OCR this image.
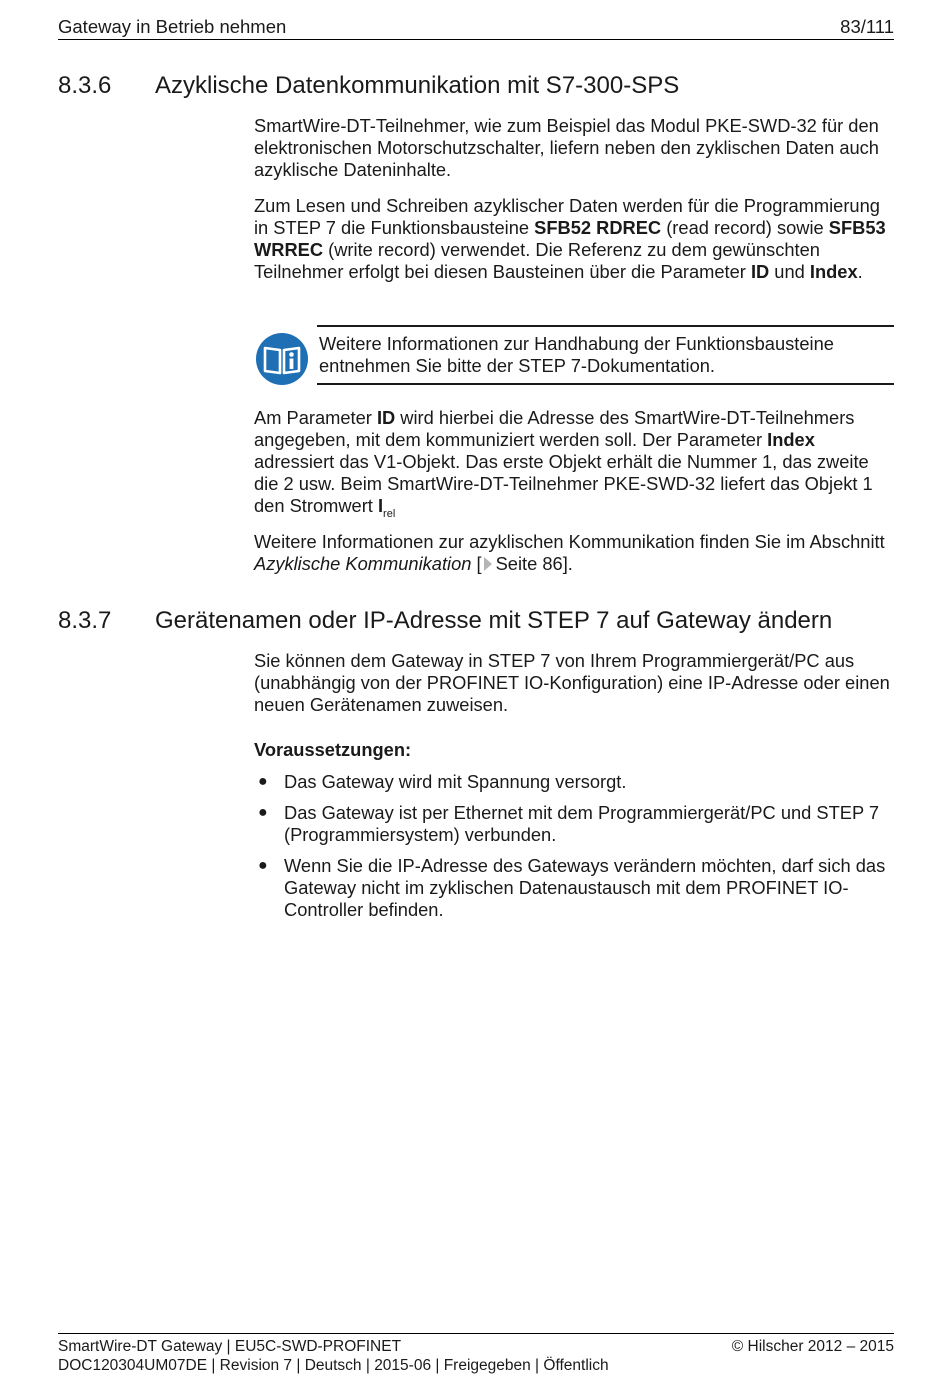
Gateway in Betrieb nehmen	83/111
8.3.6 Azyklische Datenkommunikation mit S7-300-SPS

SmartWire-DT-Teilnehmer, wie zum Beispiel das Modul PKE-SWD-32 für den elektronischen Motorschutzschalter, liefern neben den zyklischen Daten auch azyklische Dateninhalte.

Zum Lesen und Schreiben azyklischer Daten werden für die Programmierung in STEP 7 die Funktionsbausteine SFB52 RDREC (read record) sowie SFB53 WRREC (write record) verwendet. Die Referenz zu dem gewünschten Teilnehmer erfolgt bei diesen Bausteinen über die Parameter ID und Index.

Weitere Informationen zur Handhabung der Funktionsbausteine entnehmen Sie bitte der STEP 7-Dokumentation.

Am Parameter ID wird hierbei die Adresse des SmartWire-DT-Teilnehmers angegeben, mit dem kommuniziert werden soll. Der Parameter Index adressiert das V1-Objekt. Das erste Objekt erhält die Nummer 1, das zweite die 2 usw. Beim SmartWire-DT-Teilnehmer PKE-SWD-32 liefert das Objekt 1 den Stromwert $I_{rel}$

Weitere Informationen zur azyklischen Kommunikation finden Sie im Abschnitt Azyklische Kommunikation [ Seite 86].

8.3.7 Gerätenamen oder IP-Adresse mit STEP 7 auf Gateway ändern

Sie können dem Gateway in STEP 7 von Ihrem Programmiergerät/PC aus (unabhängig von der PROFINET IO-Konfiguration) eine IP-Adresse oder einen neuen Gerätenamen zuweisen.

Voraussetzungen:
● Das Gateway wird mit Spannung versorgt.
● Das Gateway ist per Ethernet mit dem Programmiergerät/PC und STEP 7 (Programmiersystem) verbunden.
● Wenn Sie die IP-Adresse des Gateways verändern möchten, darf sich das Gateway nicht im zyklischen Datenaustausch mit dem PROFINET IO-Controller befinden.
SmartWire-DT Gateway | EU5C-SWD-PROFINET	© Hilscher 2012 – 2015
DOC120304UM07DE | Revision 7 | Deutsch | 2015-06 | Freigegeben | Öffentlich
